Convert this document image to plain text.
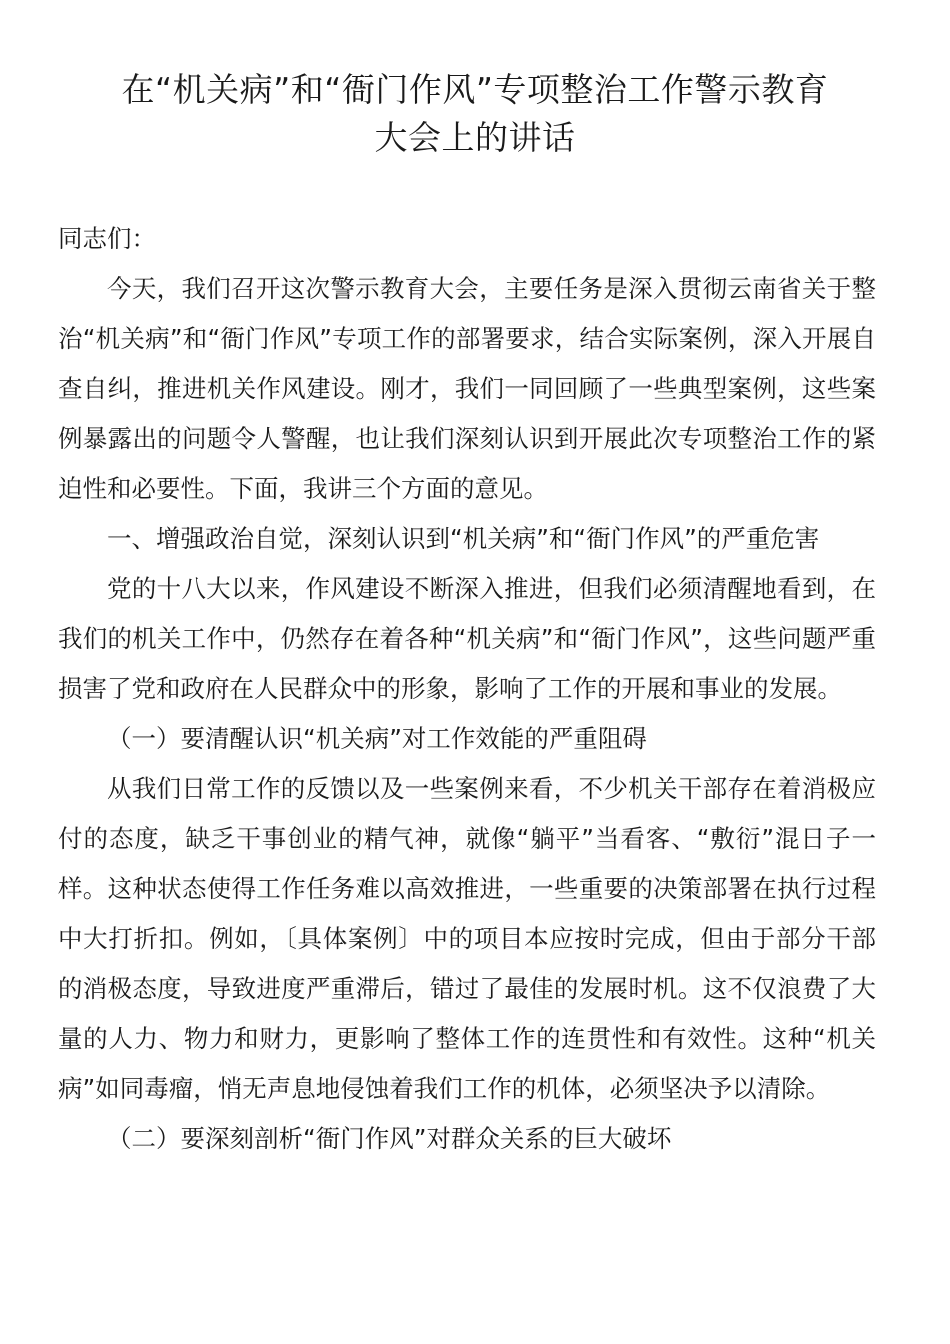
在“机关病”和“衙门作风”专项整治工作警示教育
大会上的讲话

同志们：

今天，我们召开这次警示教育大会，主要任务是深入贯彻云南省关于整治“机关病”和“衙门作风”专项工作的部署要求，结合实际案例，深入开展自查自纠，推进机关作风建设。刚才，我们一同回顾了一些典型案例，这些案例暴露出的问题令人警醒，也让我们深刻认识到开展此次专项整治工作的紧迫性和必要性。下面，我讲三个方面的意见。

一、增强政治自觉，深刻认识到“机关病”和“衙门作风”的严重危害

党的十八大以来，作风建设不断深入推进，但我们必须清醒地看到，在我们的机关工作中，仍然存在着各种“机关病”和“衙门作风”，这些问题严重损害了党和政府在人民群众中的形象，影响了工作的开展和事业的发展。

（一）要清醒认识“机关病”对工作效能的严重阻碍

从我们日常工作的反馈以及一些案例来看，不少机关干部存在着消极应付的态度，缺乏干事创业的精气神，就像“躺平”当看客、“敷衍”混日子一样。这种状态使得工作任务难以高效推进，一些重要的决策部署在执行过程中大打折扣。例如，〔具体案例〕中的项目本应按时完成，但由于部分干部的消极态度，导致进度严重滞后，错过了最佳的发展时机。这不仅浪费了大量的人力、物力和财力，更影响了整体工作的连贯性和有效性。这种“机关病”如同毒瘤，悄无声息地侵蚀着我们工作的机体，必须坚决予以清除。

（二）要深刻剖析“衙门作风”对群众关系的巨大破坏
